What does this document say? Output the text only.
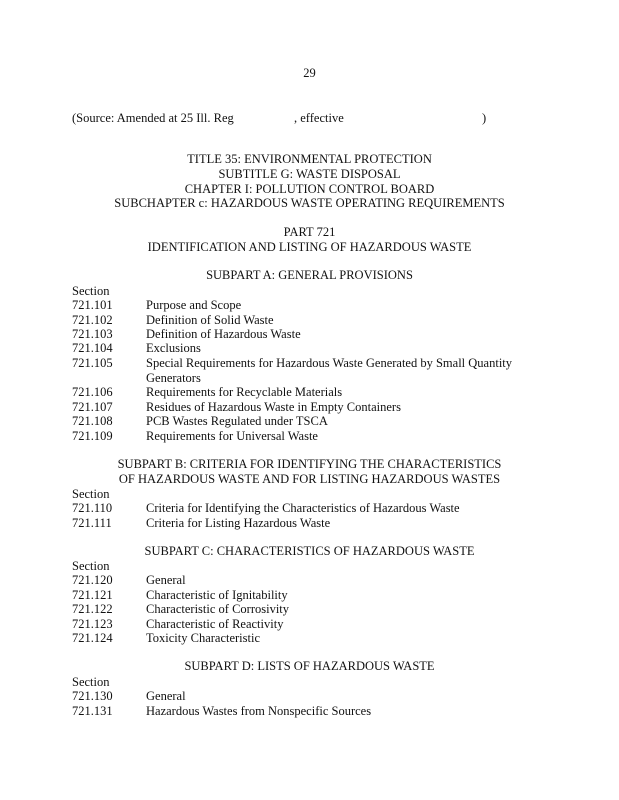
29
(Source: Amended at 25 Ill. Reg	, effective	)
TITLE 35: ENVIRONMENTAL PROTECTION
SUBTITLE G: WASTE DISPOSAL
CHAPTER I: POLLUTION CONTROL BOARD
SUBCHAPTER c: HAZARDOUS WASTE OPERATING REQUIREMENTS
PART 721
IDENTIFICATION AND LISTING OF HAZARDOUS WASTE
SUBPART A: GENERAL PROVISIONS
Section
721.101	Purpose and Scope
721.102	Definition of Solid Waste
721.103	Definition of Hazardous Waste
721.104	Exclusions
721.105	Special Requirements for Hazardous Waste Generated by Small Quantity Generators
721.106	Requirements for Recyclable Materials
721.107	Residues of Hazardous Waste in Empty Containers
721.108	PCB Wastes Regulated under TSCA
721.109	Requirements for Universal Waste
SUBPART B: CRITERIA FOR IDENTIFYING THE CHARACTERISTICS
OF HAZARDOUS WASTE AND FOR LISTING HAZARDOUS WASTES
Section
721.110	Criteria for Identifying the Characteristics of Hazardous Waste
721.111	Criteria for Listing Hazardous Waste
SUBPART C: CHARACTERISTICS OF HAZARDOUS WASTE
Section
721.120	General
721.121	Characteristic of Ignitability
721.122	Characteristic of Corrosivity
721.123	Characteristic of Reactivity
721.124	Toxicity Characteristic
SUBPART D: LISTS OF HAZARDOUS WASTE
Section
721.130	General
721.131	Hazardous Wastes from Nonspecific Sources
